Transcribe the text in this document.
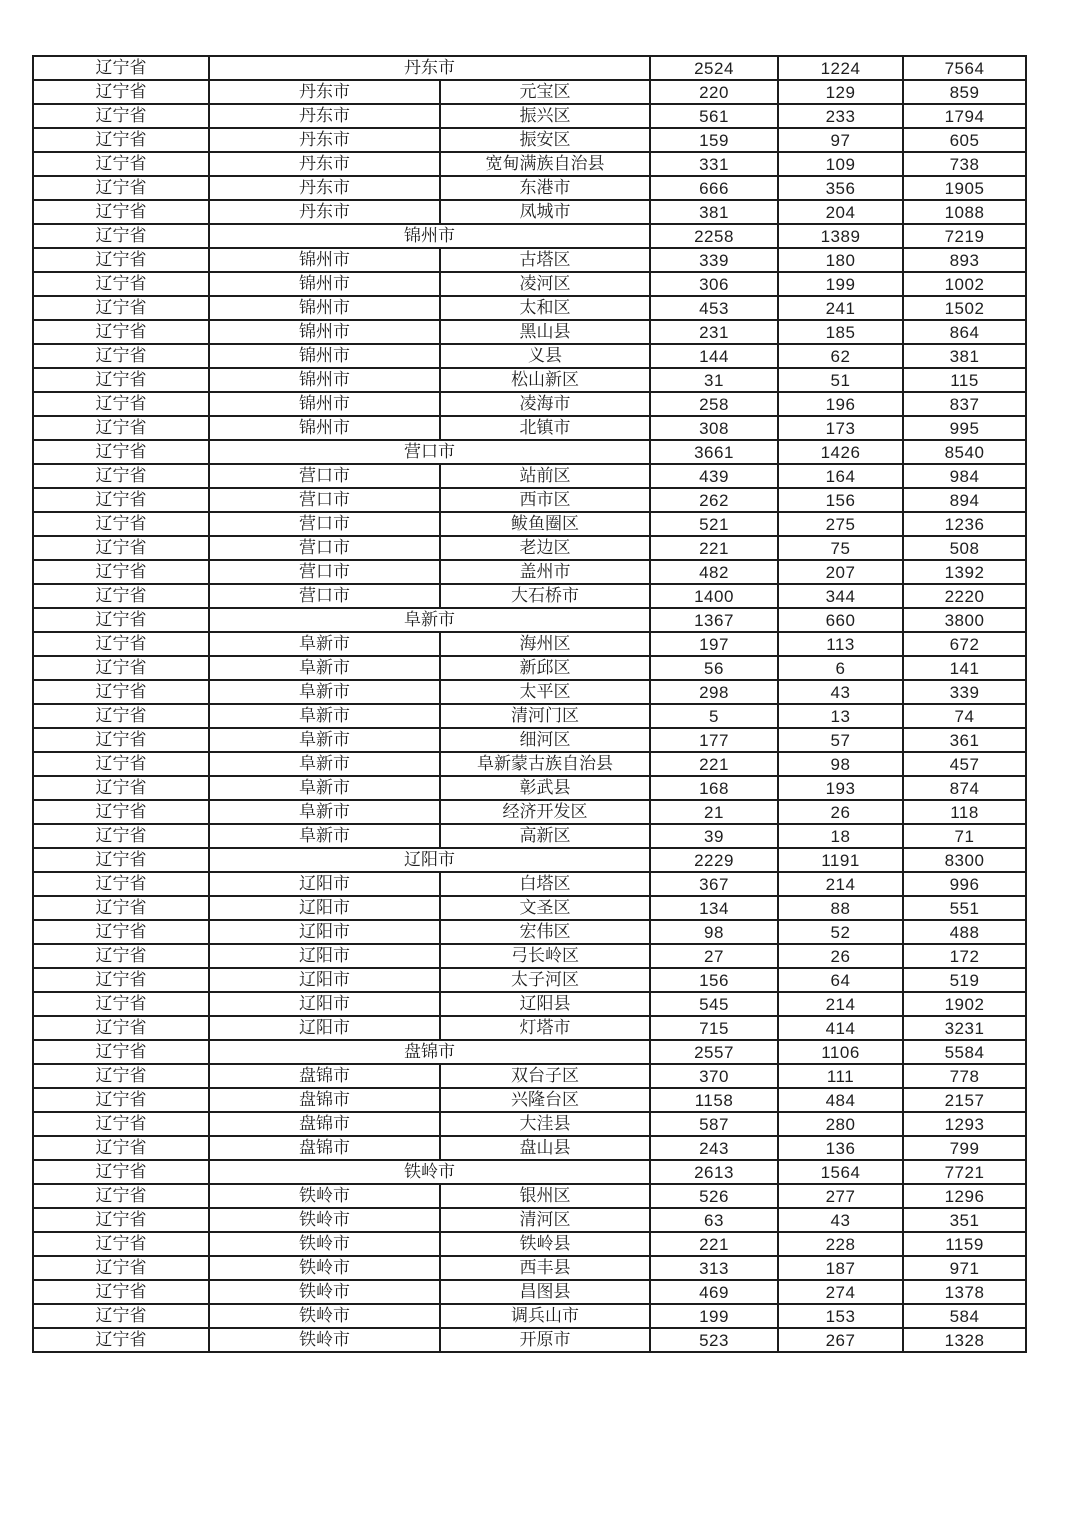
辽宁省	丹东市		2524	1224	7564
辽宁省	丹东市	元宝区	220	129	859
辽宁省	丹东市	振兴区	561	233	1794
辽宁省	丹东市	振安区	159	97	605
辽宁省	丹东市	宽甸满族自治县	331	109	738
辽宁省	丹东市	东港市	666	356	1905
辽宁省	丹东市	凤城市	381	204	1088
辽宁省	锦州市		2258	1389	7219
辽宁省	锦州市	古塔区	339	180	893
辽宁省	锦州市	凌河区	306	199	1002
辽宁省	锦州市	太和区	453	241	1502
辽宁省	锦州市	黑山县	231	185	864
辽宁省	锦州市	义县	144	62	381
辽宁省	锦州市	松山新区	31	51	115
辽宁省	锦州市	凌海市	258	196	837
辽宁省	锦州市	北镇市	308	173	995
辽宁省	营口市		3661	1426	8540
辽宁省	营口市	站前区	439	164	984
辽宁省	营口市	西市区	262	156	894
辽宁省	营口市	鲅鱼圈区	521	275	1236
辽宁省	营口市	老边区	221	75	508
辽宁省	营口市	盖州市	482	207	1392
辽宁省	营口市	大石桥市	1400	344	2220
辽宁省	阜新市		1367	660	3800
辽宁省	阜新市	海州区	197	113	672
辽宁省	阜新市	新邱区	56	6	141
辽宁省	阜新市	太平区	298	43	339
辽宁省	阜新市	清河门区	5	13	74
辽宁省	阜新市	细河区	177	57	361
辽宁省	阜新市	阜新蒙古族自治县	221	98	457
辽宁省	阜新市	彰武县	168	193	874
辽宁省	阜新市	经济开发区	21	26	118
辽宁省	阜新市	高新区	39	18	71
辽宁省	辽阳市		2229	1191	8300
辽宁省	辽阳市	白塔区	367	214	996
辽宁省	辽阳市	文圣区	134	88	551
辽宁省	辽阳市	宏伟区	98	52	488
辽宁省	辽阳市	弓长岭区	27	26	172
辽宁省	辽阳市	太子河区	156	64	519
辽宁省	辽阳市	辽阳县	545	214	1902
辽宁省	辽阳市	灯塔市	715	414	3231
辽宁省	盘锦市		2557	1106	5584
辽宁省	盘锦市	双台子区	370	111	778
辽宁省	盘锦市	兴隆台区	1158	484	2157
辽宁省	盘锦市	大洼县	587	280	1293
辽宁省	盘锦市	盘山县	243	136	799
辽宁省	铁岭市		2613	1564	7721
辽宁省	铁岭市	银州区	526	277	1296
辽宁省	铁岭市	清河区	63	43	351
辽宁省	铁岭市	铁岭县	221	228	1159
辽宁省	铁岭市	西丰县	313	187	971
辽宁省	铁岭市	昌图县	469	274	1378
辽宁省	铁岭市	调兵山市	199	153	584
辽宁省	铁岭市	开原市	523	267	1328
